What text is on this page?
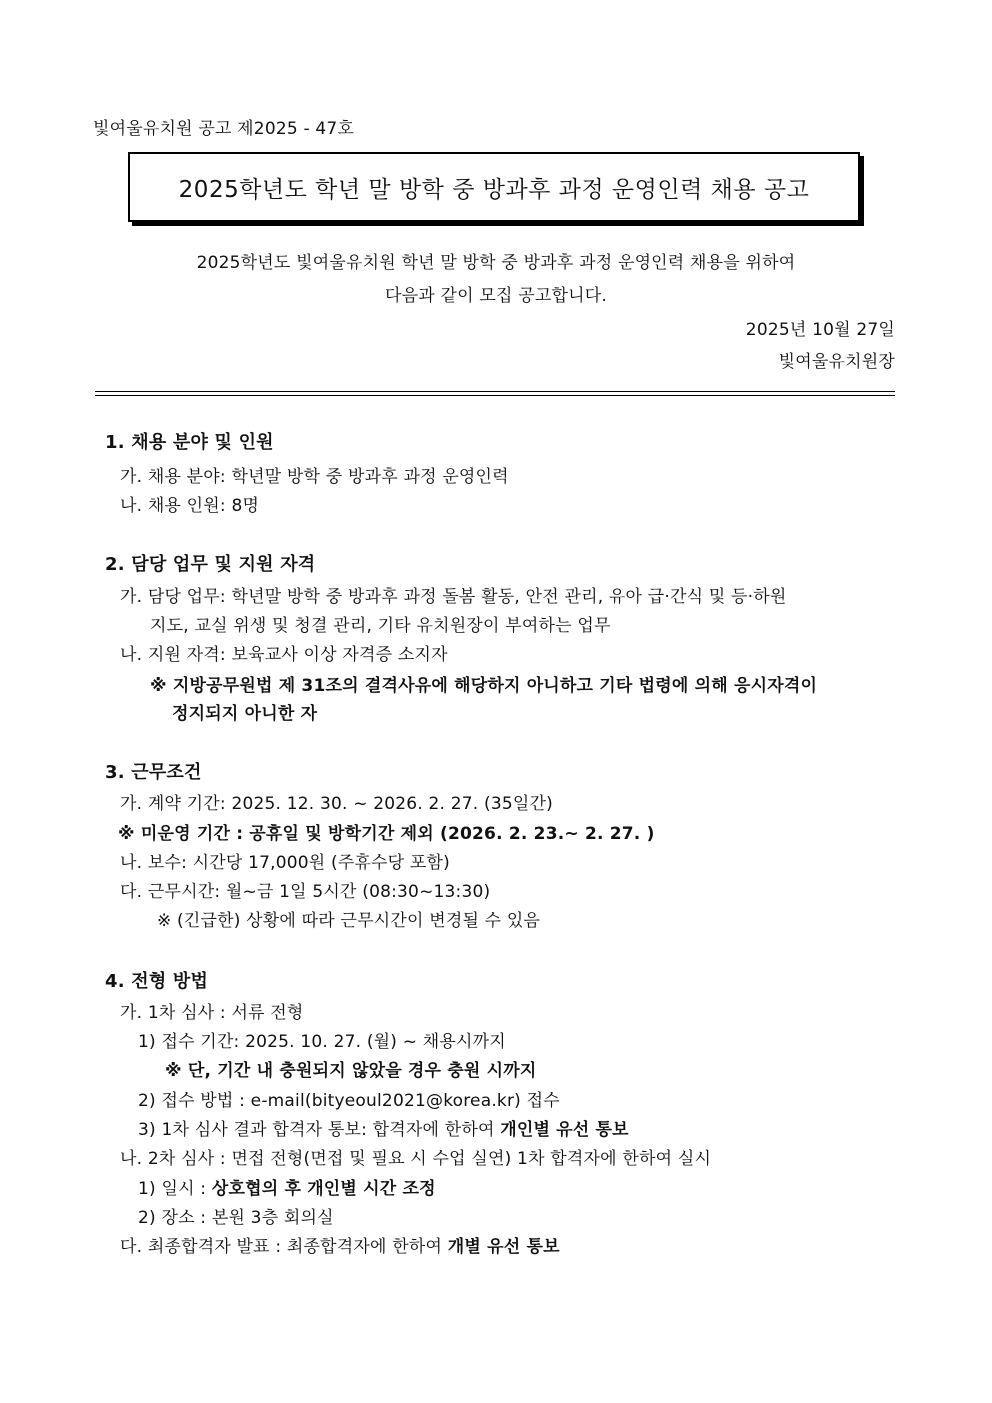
빛여울유치원 공고 제2025 - 47호
2025학년도 학년 말 방학 중 방과후 과정 운영인력 채용 공고
2025학년도 빛여울유치원 학년 말 방학 중 방과후 과정 운영인력 채용을 위하여
다음과 같이 모집 공고합니다.
2025년 10월 27일
빛여울유치원장
1. 채용 분야 및 인원
가. 채용 분야: 학년말 방학 중 방과후 과정 운영인력
나. 채용 인원: 8명
2. 담당 업무 및 지원 자격
가. 담당 업무: 학년말 방학 중 방과후 과정 돌봄 활동, 안전 관리, 유아 급·간식 및 등·하원
지도, 교실 위생 및 청결 관리, 기타 유치원장이 부여하는 업무
나. 지원 자격: 보육교사 이상 자격증 소지자
※ 지방공무원법 제 31조의 결격사유에 해당하지 아니하고 기타 법령에 의해 응시자격이
정지되지 아니한 자
3. 근무조건
가. 계약 기간: 2025. 12. 30. ~ 2026. 2. 27. (35일간)
※ 미운영 기간 : 공휴일 및 방학기간 제외 (2026. 2. 23.~ 2. 27. )
나. 보수: 시간당 17,000원 (주휴수당 포함)
다. 근무시간: 월~금 1일 5시간 (08:30~13:30)
※ (긴급한) 상황에 따라 근무시간이 변경될 수 있음
4. 전형 방법
가. 1차 심사 : 서류 전형
1) 접수 기간: 2025. 10. 27. (월) ~ 채용시까지
※ 단, 기간 내 충원되지 않았을 경우 충원 시까지
2) 접수 방법 : e-mail(bityeoul2021@korea.kr) 접수
3) 1차 심사 결과 합격자 통보: 합격자에 한하여 개인별 유선 통보
나. 2차 심사 : 면접 전형(면접 및 필요 시 수업 실연) 1차 합격자에 한하여 실시
1) 일시 : 상호협의 후 개인별 시간 조정
2) 장소 : 본원 3층 회의실
다. 최종합격자 발표 : 최종합격자에 한하여 개별 유선 통보
